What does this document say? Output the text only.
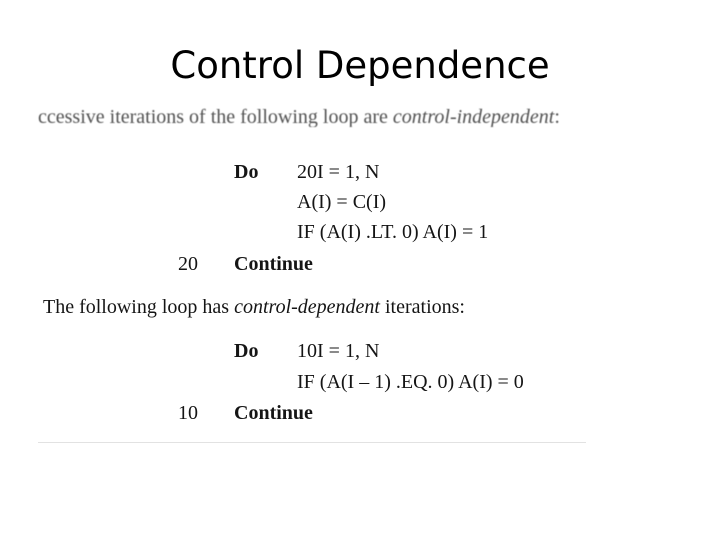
Control Dependence
ccessive iterations of the following loop are control-independent:
Do 20I = 1, N
A(I) = C(I)
IF (A(I) .LT. 0) A(I) = 1
20 Continue
The following loop has control-dependent iterations:
Do 10I = 1, N
IF (A(I – 1) .EQ. 0) A(I) = 0
10 Continue
